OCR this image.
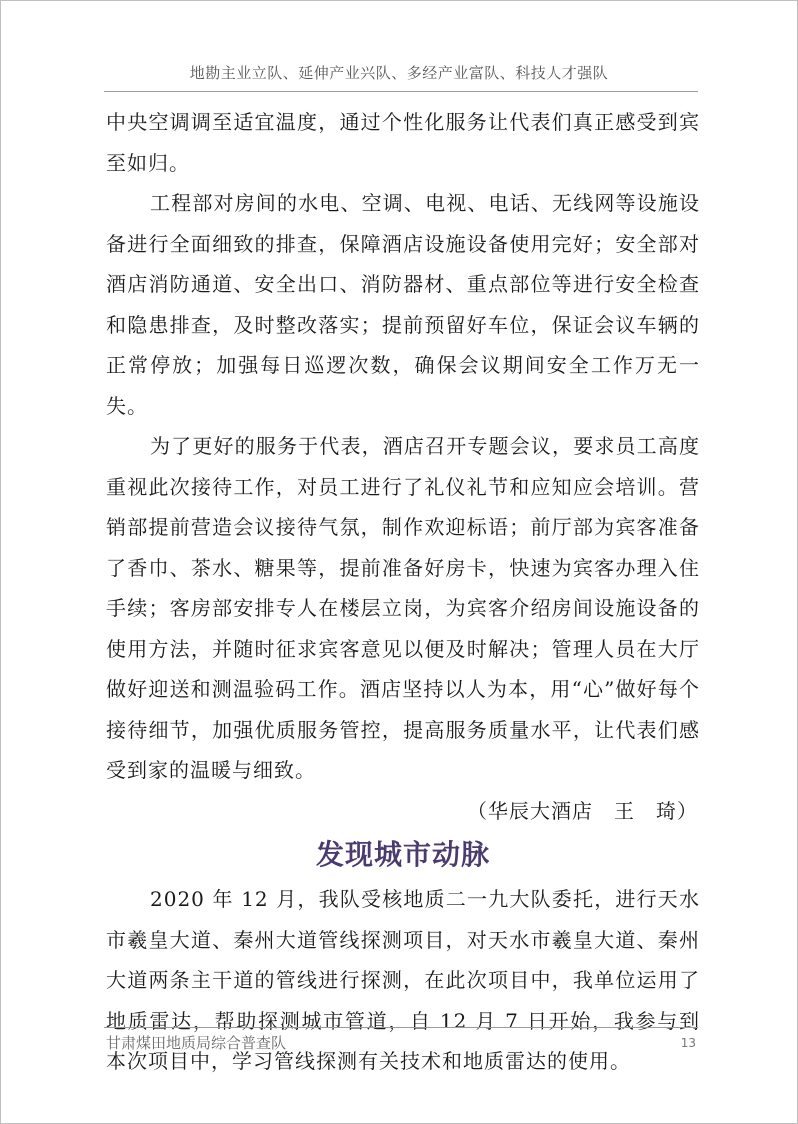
地勘主业立队、延伸产业兴队、多经产业富队、科技人才强队

中央空调调至适宜温度，通过个性化服务让代表们真正感受到宾至如归。

工程部对房间的水电、空调、电视、电话、无线网等设施设备进行全面细致的排查，保障酒店设施设备使用完好；安全部对酒店消防通道、安全出口、消防器材、重点部位等进行安全检查和隐患排查，及时整改落实；提前预留好车位，保证会议车辆的正常停放；加强每日巡逻次数，确保会议期间安全工作万无一失。

为了更好的服务于代表，酒店召开专题会议，要求员工高度重视此次接待工作，对员工进行了礼仪礼节和应知应会培训。营销部提前营造会议接待气氛，制作欢迎标语；前厅部为宾客准备了香巾、茶水、糖果等，提前准备好房卡，快速为宾客办理入住手续；客房部安排专人在楼层立岗，为宾客介绍房间设施设备的使用方法，并随时征求宾客意见以便及时解决；管理人员在大厅做好迎送和测温验码工作。酒店坚持以人为本，用“心”做好每个接待细节，加强优质服务管控，提高服务质量水平，让代表们感受到家的温暖与细致。

（华辰大酒店　王　琦）

发现城市动脉

2020 年 12 月，我队受核地质二一九大队委托，进行天水市羲皇大道、秦州大道管线探测项目，对天水市羲皇大道、秦州大道两条主干道的管线进行探测，在此次项目中，我单位运用了地质雷达，帮助探测城市管道，自 12 月 7 日开始，我参与到本次项目中，学习管线探测有关技术和地质雷达的使用。

甘肃煤田地质局综合普查队	13
